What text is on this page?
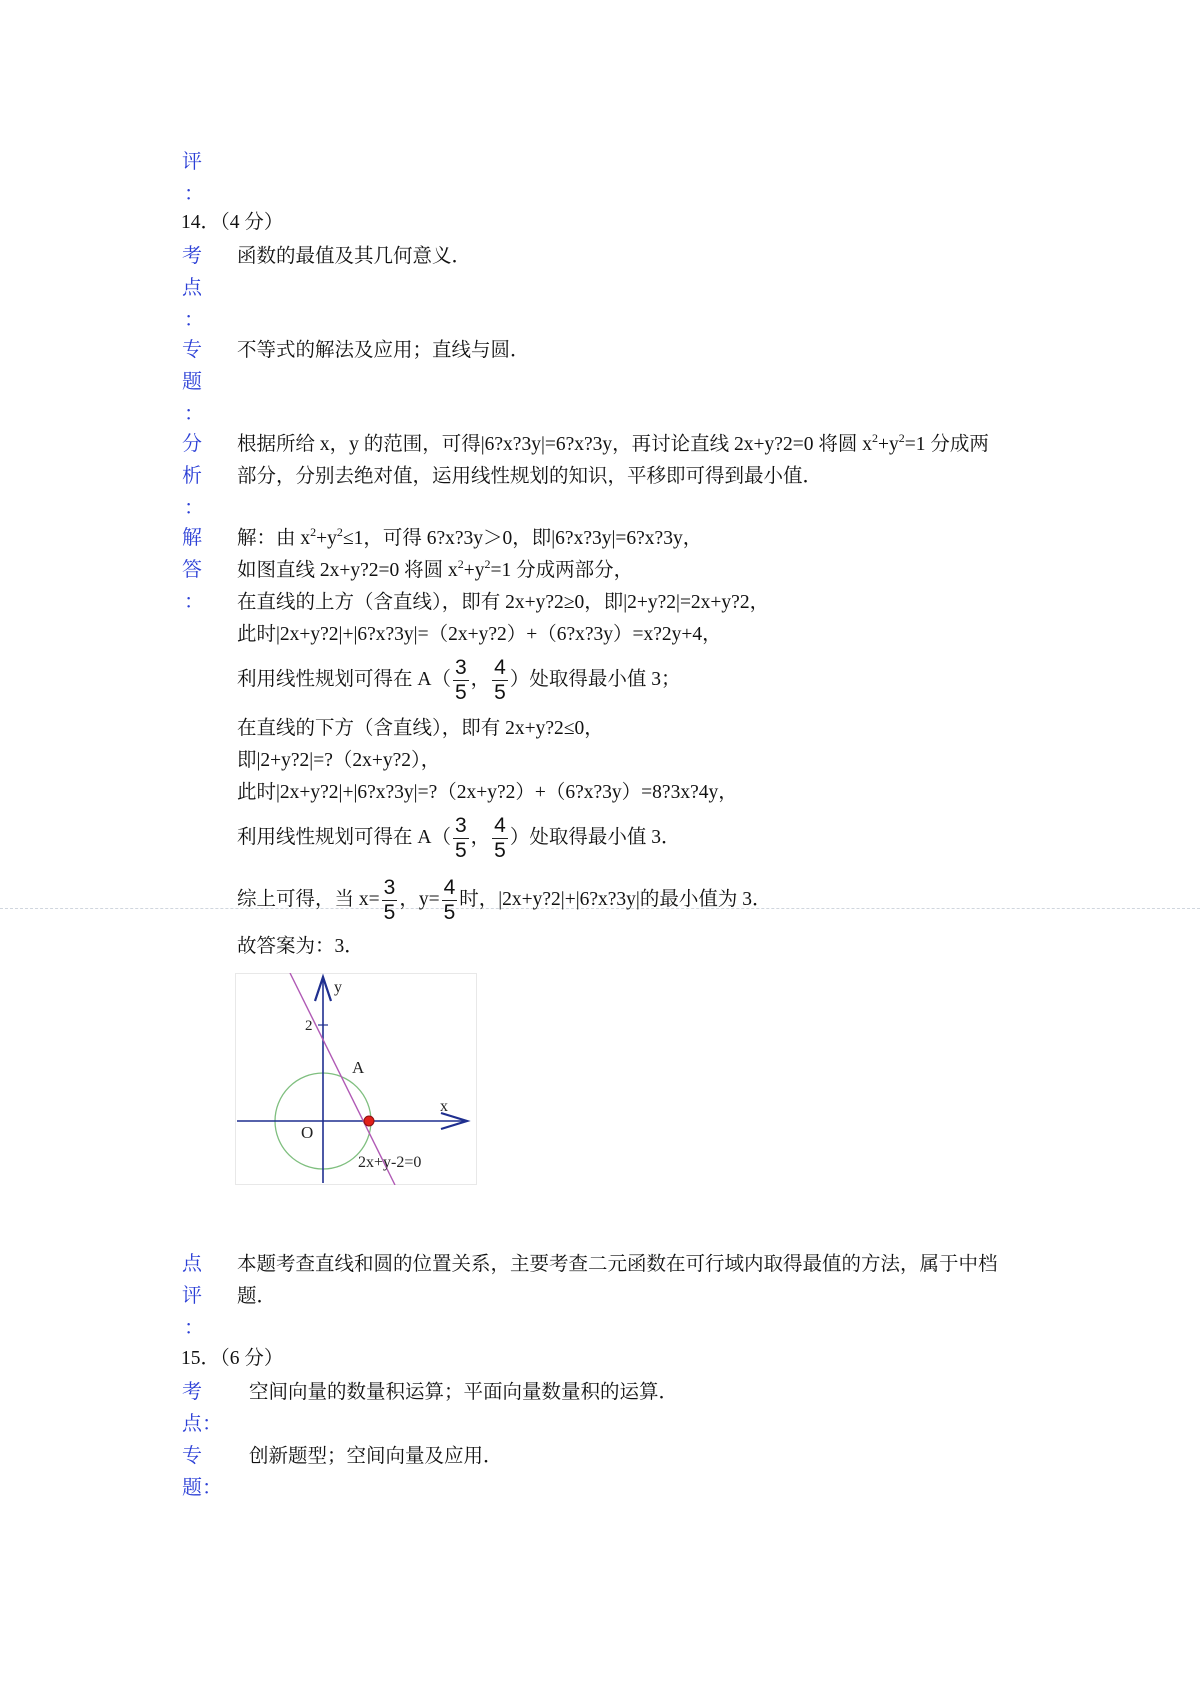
评
：
14．（4 分）
考
点
：
函数的最值及其几何意义．
专
题
：
不等式的解法及应用；直线与圆．
分
析
：
根据所给 x，y 的范围，可得|6?x?3y|=6?x?3y，再讨论直线 2x+y?2=0 将圆 $x^2+y^2=1$ 分成两
部分，分别去绝对值，运用线性规划的知识，平移即可得到最小值．
解
答
：
解：由 $x^2+y^2\le 1$，可得 6?x?3y＞0，即|6?x?3y|=6?x?3y，
如图直线 2x+y?2=0 将圆 $x^2+y^2=1$ 分成两部分，
在直线的上方（含直线），即有 2x+y?2≥0，即|2+y?2|=2x+y?2，
此时|2x+y?2|+|6?x?3y|=（2x+y?2）+（6?x?3y）=x?2y+4，
利用线性规划可得在 $A( \frac{3}{5}$ ， $\frac{4}{5}$ ）处取得最小值 3；
在直线的下方（含直线），即有 2x+y?2≤0，
即|2+y?2|=?（2x+y?2），
此时|2x+y?2|+|6?x?3y|=?（2x+y?2）+（6?x?3y）=8?3x?4y，
利用线性规划可得在 $A( \frac{3}{5}$ ， $\frac{4}{5}$ ）处取得最小值 3．
综上可得，当 $x= \frac{3}{5}$ ，$y= \frac{4}{5}$ 时，|2x+y?2|+|6?x?3y|的最小值为 3．
故答案为：3．
y
x
2
A
O
2x+y-2=0
点
评
：
本题考查直线和圆的位置关系，主要考查二元函数在可行域内取得最值的方法，属于中档
题．
15．（6 分）
考
点：
空间向量的数量积运算；平面向量数量积的运算．
专
题：
创新题型；空间向量及应用．
